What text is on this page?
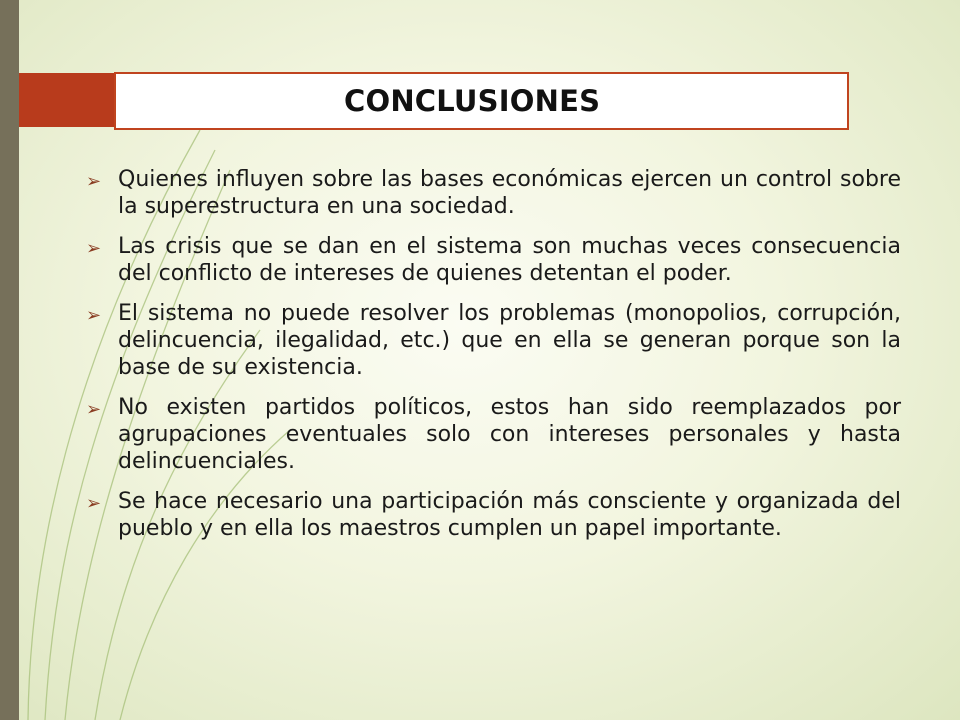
CONCLUSIONES
➢ Quienes influyen sobre las bases económicas ejercen un control sobre la superestructura en una sociedad.
➢ Las crisis que se dan en el sistema son muchas veces consecuencia del conflicto de intereses de quienes detentan el poder.
➢ El sistema no puede resolver los problemas (monopolios, corrupción, delincuencia, ilegalidad, etc.) que en ella se generan porque son la base de su existencia.
➢ No existen partidos políticos, estos han sido reemplazados por agrupaciones eventuales solo con intereses personales y hasta delincuenciales.
➢ Se hace necesario una participación más consciente y organizada del pueblo y en ella los maestros cumplen un papel importante.
